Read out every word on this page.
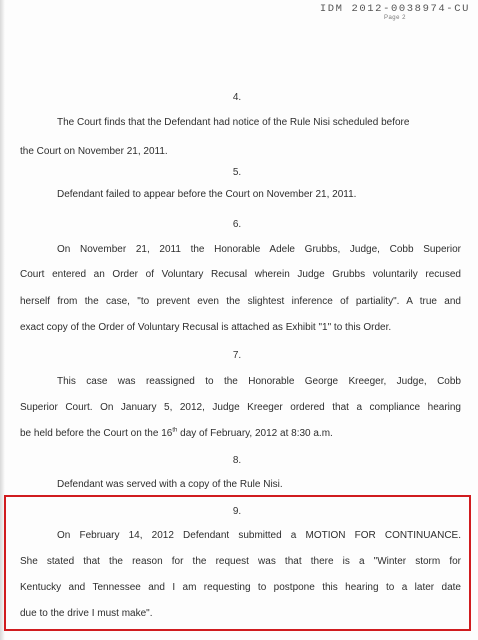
IDM 2012-0038974-CU
Page 2
4.
The Court finds that the Defendant had notice of the Rule Nisi scheduled before
the Court on November 21, 2011.
5.
Defendant failed to appear before the Court on November 21, 2011.
6.
On November 21, 2011 the Honorable Adele Grubbs, Judge, Cobb Superior
Court entered an Order of Voluntary Recusal wherein Judge Grubbs voluntarily recused
herself from the case, "to prevent even the slightest inference of partiality". A true and
exact copy of the Order of Voluntary Recusal is attached as Exhibit "1" to this Order.
7.
This case was reassigned to the Honorable George Kreeger, Judge, Cobb
Superior Court. On January 5, 2012, Judge Kreeger ordered that a compliance hearing
be held before the Court on the 16th day of February, 2012 at 8:30 a.m.
8.
Defendant was served with a copy of the Rule Nisi.
9.
On February 14, 2012 Defendant submitted a MOTION FOR CONTINUANCE.
She stated that the reason for the request was that there is a "Winter storm for
Kentucky and Tennessee and I am requesting to postpone this hearing to a later date
due to the drive I must make".
